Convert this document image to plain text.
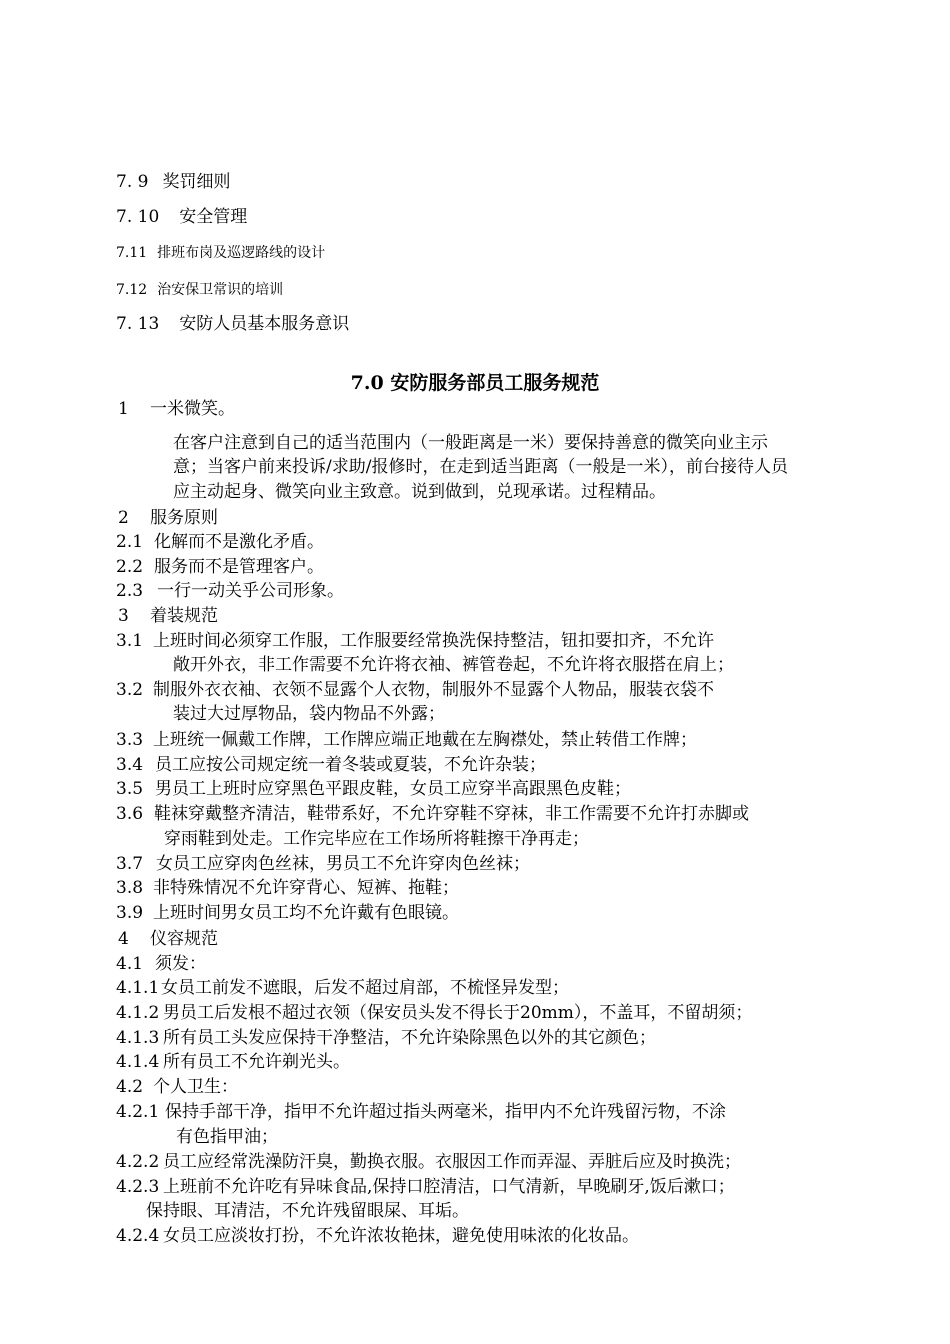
7. 9 奖罚细则
7. 10 安全管理
7.11 排班布岗及巡逻路线的设计
7.12 治安保卫常识的培训
7. 13 安防人员基本服务意识
7.0 安防服务部员工服务规范
1 一米微笑。
在客户注意到自己的适当范围内（一般距离是一米）要保持善意的微笑向业主示
意；当客户前来投诉/求助/报修时，在走到适当距离（一般是一米），前台接待人员
应主动起身、微笑向业主致意。说到做到，兑现承诺。过程精品。
2 服务原则
2.1 化解而不是激化矛盾。
2.2 服务而不是管理客户。
2.3 一行一动关乎公司形象。
3 着装规范
3.1 上班时间必须穿工作服，工作服要经常换洗保持整洁，钮扣要扣齐，不允许
敞开外衣，非工作需要不允许将衣袖、裤管卷起，不允许将衣服搭在肩上；
3.2 制服外衣衣袖、衣领不显露个人衣物，制服外不显露个人物品，服装衣袋不
装过大过厚物品，袋内物品不外露；
3.3 上班统一佩戴工作牌，工作牌应端正地戴在左胸襟处，禁止转借工作牌；
3.4 员工应按公司规定统一着冬装或夏装，不允许杂装；
3.5 男员工上班时应穿黑色平跟皮鞋，女员工应穿半高跟黑色皮鞋；
3.6 鞋袜穿戴整齐清洁，鞋带系好，不允许穿鞋不穿袜，非工作需要不允许打赤脚或
穿雨鞋到处走。工作完毕应在工作场所将鞋擦干净再走；
3.7 女员工应穿肉色丝袜，男员工不允许穿肉色丝袜；
3.8 非特殊情况不允许穿背心、短裤、拖鞋；
3.9 上班时间男女员工均不允许戴有色眼镜。
4 仪容规范
4.1 须发：
4.1.1 女员工前发不遮眼，后发不超过肩部，不梳怪异发型；
4.1.2 男员工后发根不超过衣领（保安员头发不得长于20mm），不盖耳，不留胡须；
4.1.3 所有员工头发应保持干净整洁，不允许染除黑色以外的其它颜色；
4.1.4 所有员工不允许剃光头。
4.2 个人卫生：
4.2.1 保持手部干净，指甲不允许超过指头两毫米，指甲内不允许残留污物，不涂
有色指甲油；
4.2.2 员工应经常洗澡防汗臭，勤换衣服。衣服因工作而弄湿、弄脏后应及时换洗；
4.2.3 上班前不允许吃有异味食品,保持口腔清洁，口气清新，早晚刷牙,饭后漱口；
保持眼、耳清洁，不允许残留眼屎、耳垢。
4.2.4 女员工应淡妆打扮，不允许浓妆艳抹，避免使用味浓的化妆品。
